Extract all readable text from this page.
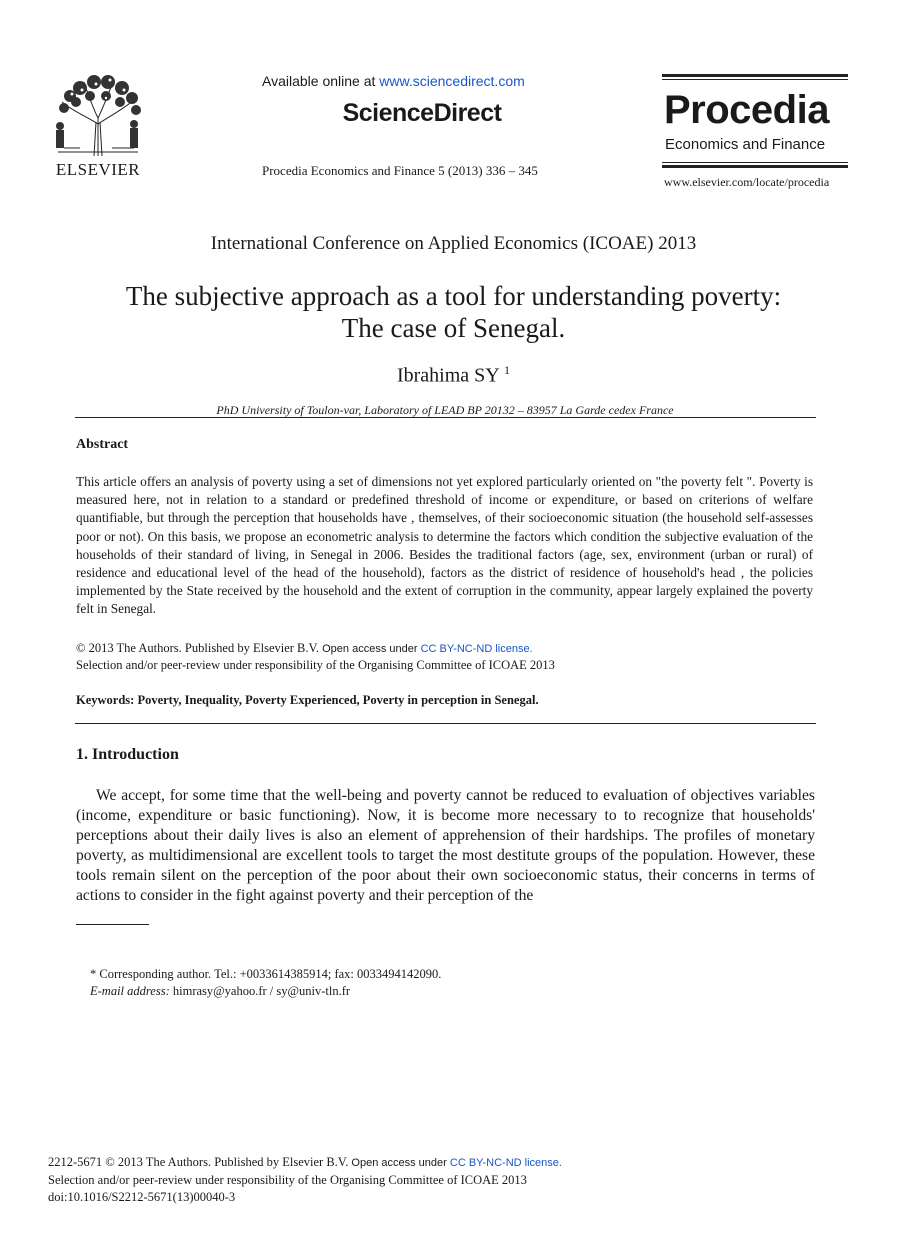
ELSEVIER
Available online at www.sciencedirect.com
ScienceDirect
Procedia Economics and Finance 5 (2013) 336 – 345
Procedia
Economics and Finance
www.elsevier.com/locate/procedia
International Conference on Applied Economics (ICOAE) 2013
The subjective approach as a tool for understanding poverty:
The case of Senegal.
Ibrahima SY $^1$
PhD University of Toulon-var, Laboratory of LEAD BP 20132 – 83957 La Garde cedex France
Abstract
This article offers an analysis of poverty using a set of dimensions not yet explored particularly oriented on "the poverty felt ". Poverty is measured here, not in relation to a standard or predefined threshold of income or expenditure, or based on criterions of welfare quantifiable, but through the perception that households have , themselves, of their socioeconomic situation (the household self-assesses poor or not). On this basis, we propose an econometric analysis to determine the factors which condition the subjective evaluation of the households of their standard of living, in Senegal in 2006. Besides the traditional factors (age, sex, environment (urban or rural) of residence and educational level of the head of the household), factors as the district of residence of household's head , the policies implemented by the State received by the household and the extent of corruption in the community, appear largely explained the poverty felt in Senegal.
© 2013 The Authors. Published by Elsevier B.V. Open access under CC BY-NC-ND license.
Selection and/or peer-review under responsibility of the Organising Committee of ICOAE 2013
Keywords: Poverty, Inequality, Poverty Experienced, Poverty in perception in Senegal.
1. Introduction
We accept, for some time that the well-being and poverty cannot be reduced to evaluation of objectives variables (income, expenditure or basic functioning). Now, it is become more necessary to to recognize that households' perceptions about their daily lives is also an element of apprehension of their hardships. The profiles of monetary poverty, as multidimensional are excellent tools to target the most destitute groups of the population. However, these tools remain silent on the perception of the poor about their own socioeconomic status, their concerns in terms of actions to consider in the fight against poverty and their perception of the
* Corresponding author. Tel.: +0033614385914; fax: 0033494142090.
E-mail address: himrasy@yahoo.fr / sy@univ-tln.fr
2212-5671 © 2013 The Authors. Published by Elsevier B.V. Open access under CC BY-NC-ND license.
Selection and/or peer-review under responsibility of the Organising Committee of ICOAE 2013
doi:10.1016/S2212-5671(13)00040-3
